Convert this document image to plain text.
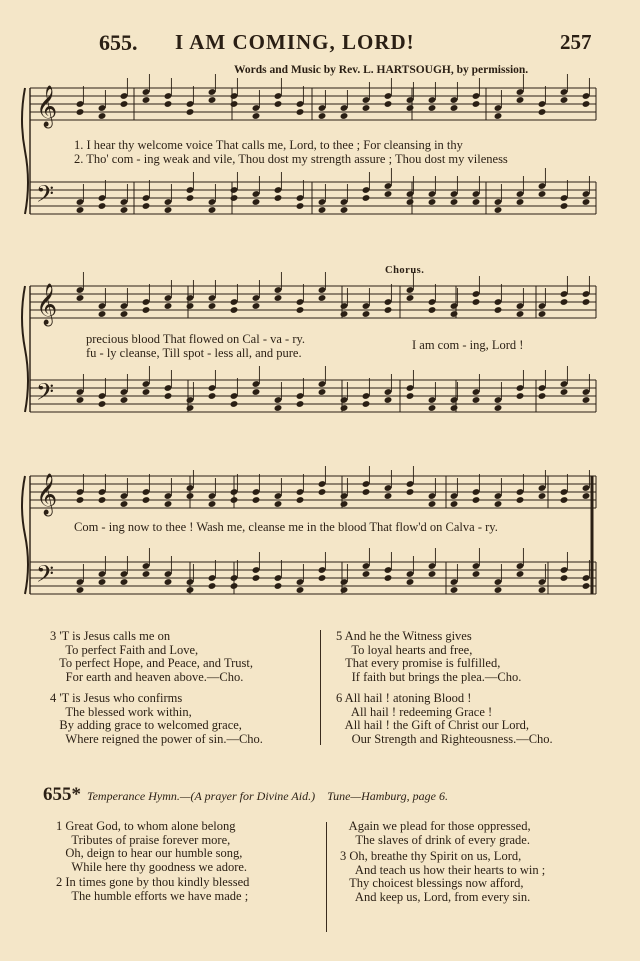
655. I AM COMING, LORD!	257
Words and Music by Rev. L. HARTSOUGH, by permission.
𝄞
𝄢
𝄞
𝄢
𝄞
𝄢
Chorus.
1. I hear thy welcome voice That calls me, Lord, to thee ; For cleansing in thy
2. Tho' com - ing weak and vile, Thou dost my strength assure ; Thou dost my vileness
precious blood That flowed on Cal - va - ry.
fu - ly cleanse, Till spot - less all, and pure.
I am com - ing, Lord !
Com - ing now to thee ! Wash me, cleanse me in the blood That flow'd on Calva - ry.
3 'T is Jesus calls me on
To perfect Faith and Love,
To perfect Hope, and Peace, and Trust,
For earth and heaven above.—Cho.
4 'T is Jesus who confirms
The blessed work within,
By adding grace to welcomed grace,
Where reigned the power of sin.—Cho.
5 And he the Witness gives
To loyal hearts and free,
That every promise is fulfilled,
If faith but brings the plea.—Cho.
6 All hail ! atoning Blood !
All hail ! redeeming Grace !
All hail ! the Gift of Christ our Lord,
Our Strength and Righteousness.—Cho.
655* Temperance Hymn.—(A prayer for Divine Aid.) Tune—Hamburg, page 6.
1 Great God, to whom alone belong
Tributes of praise forever more,
Oh, deign to hear our humble song,
While here thy goodness we adore.
2 In times gone by thou kindly blessed
The humble efforts we have made ;
Again we plead for those oppressed,
The slaves of drink of every grade.
3 Oh, breathe thy Spirit on us, Lord,
And teach us how their hearts to win ;
Thy choicest blessings now afford,
And keep us, Lord, from every sin.
